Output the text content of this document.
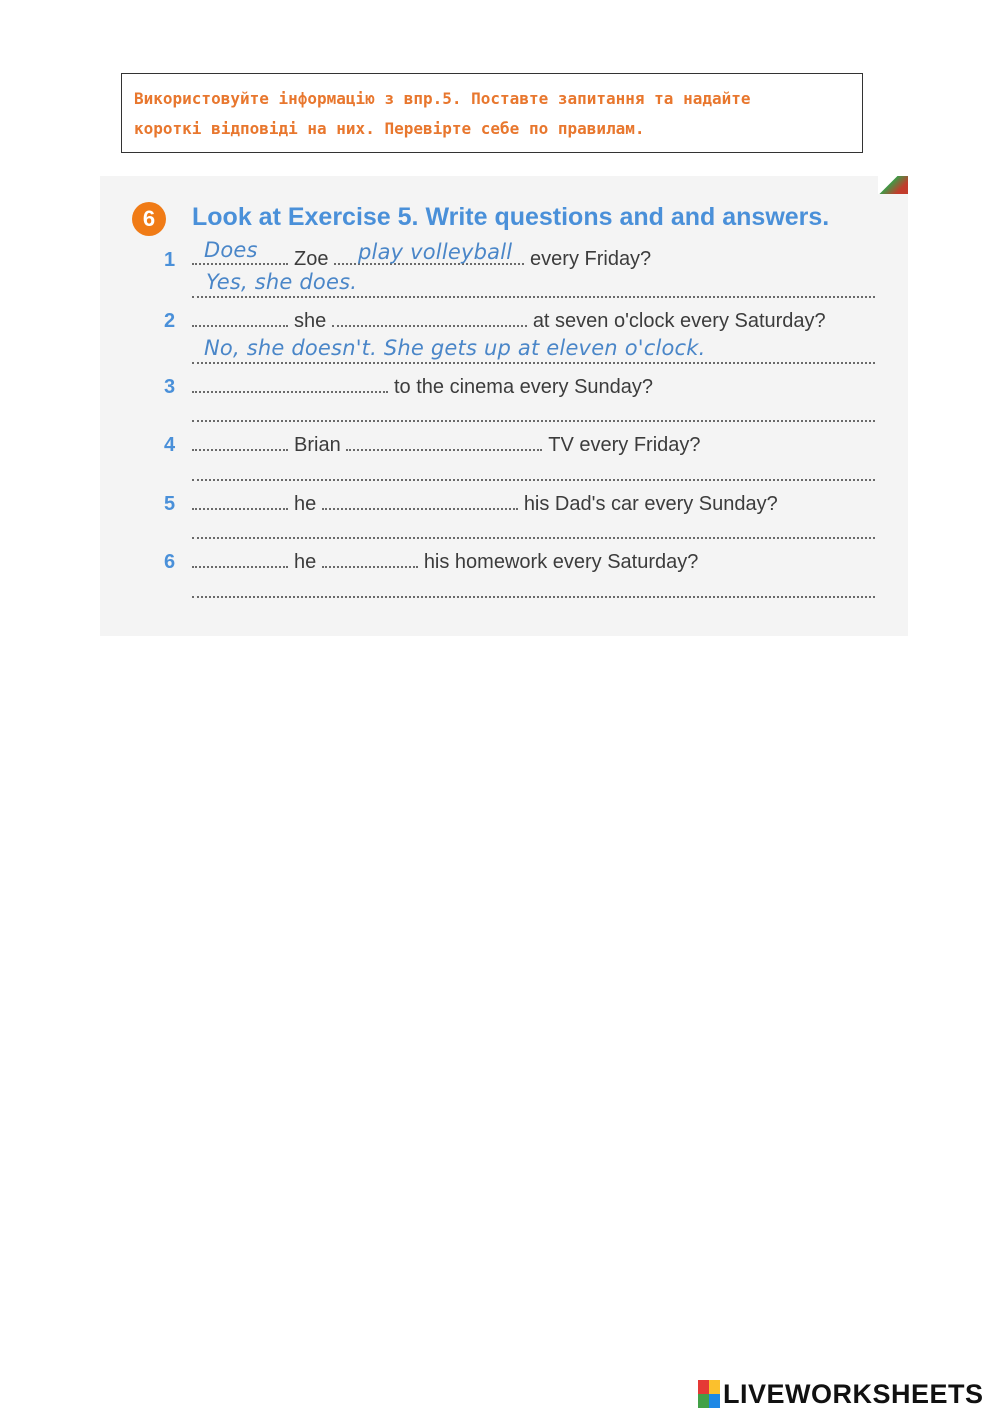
Використовуйте інформацію з впр.5. Поставте запитання та надайте

короткі відповіді на них. Перевірте себе по правилам.

6	Look at Exercise 5. Write questions and and answers.
1	Zoe	every Friday?
Does	play volleyball
Yes, she does.
2	she	at seven o'clock every Saturday?
No, she doesn't. She gets up at eleven o'clock.
3	to the cinema every Sunday?
4	Brian	TV every Friday?
5	he	his Dad's car every Sunday?
6	he	his homework every Saturday?
LIVEWORKSHEETS
